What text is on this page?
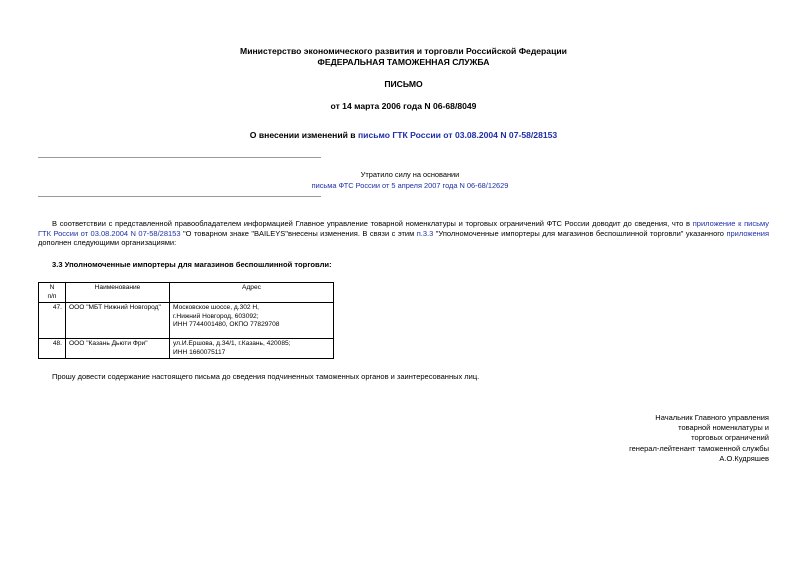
Министерство экономического развития и торговли Российской Федерации
ФЕДЕРАЛЬНАЯ ТАМОЖЕННАЯ СЛУЖБА
ПИСЬМО
от 14 марта 2006 года N 06-68/8049
О внесении изменений в письмо ГТК России от 03.08.2004 N 07-58/28153
Утратило силу на основании
письма ФТС России от 5 апреля 2007 года N 06-68/12629
В соответствии с представленной правообладателем информацией Главное управление товарной номенклатуры и торговых ограничений ФТС России доводит до сведения, что в приложение к письму ГТК России от 03.08.2004 N 07-58/28153 "О товарном знаке "BAILEYS"внесены изменения. В связи с этим п.3.3 "Уполномоченные импортеры для магазинов беспошлинной торговли" указанного приложения дополнен следующими организациями:
3.3 Уполномоченные импортеры для магазинов беспошлинной торговли:
N
п/п	Наименование	Адрес
47.	ООО "МБТ Нижний Новгород"	Московское шоссе, д.302 Н,
г.Нижний Новгород, 603092;
ИНН 7744001480, ОКПО 77829708

48.	ООО "Казань Дьюти Фри"	ул.И.Ершова, д.34/1, г.Казань, 420085;
ИНН 1660075117
Прошу довести содержание настоящего письма до сведения подчиненных таможенных органов и заинтересованных лиц.
Начальник Главного управления
товарной номенклатуры и
торговых ограничений
генерал-лейтенант таможенной службы
А.О.Кудряшев
